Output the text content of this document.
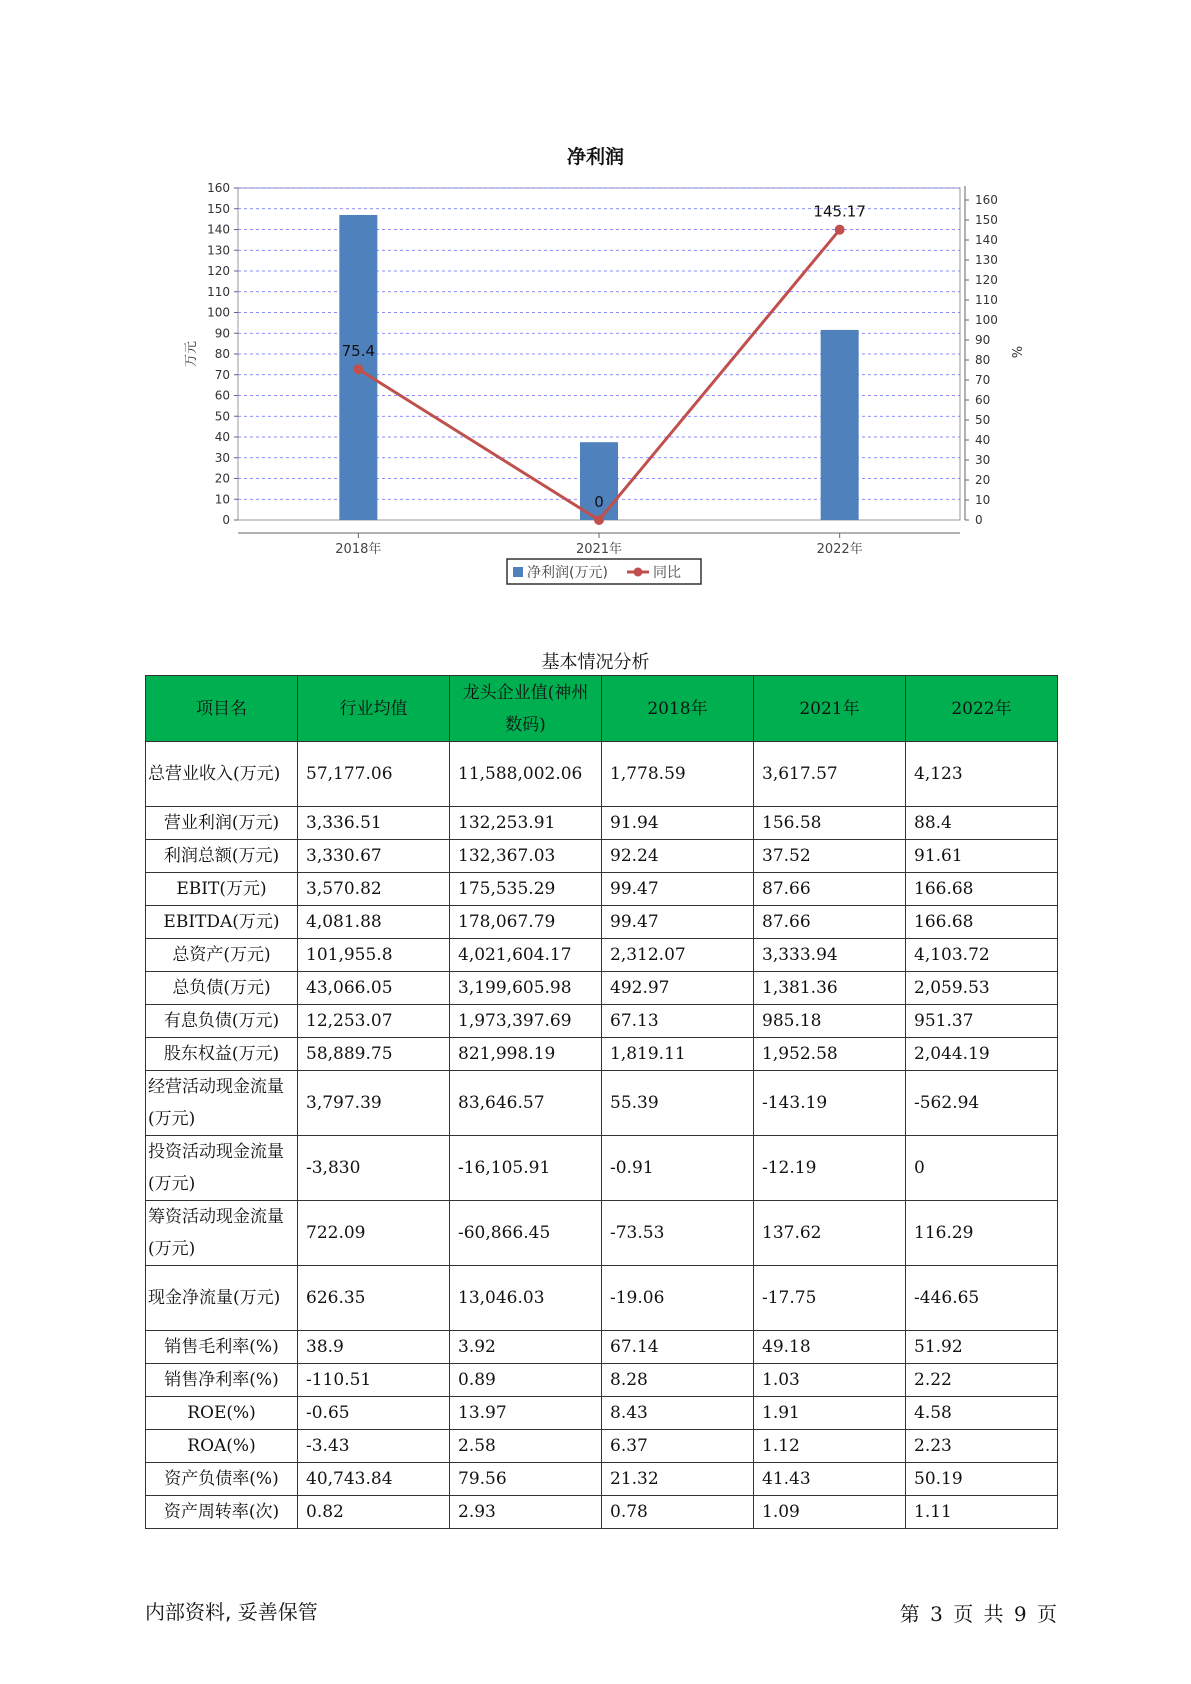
净利润
0
10
20
30
40
50
60
70
80
90
100
110
120
130
140
150
160
0
10
20
30
40
50
60
70
80
90
100
110
120
130
140
150
160
2018年	2021年	2022年
万元	%
75.4
0
145.17
净利润(万元)	同比
基本情况分析
项目名	行业均值	龙头企业值(神州数码)	2018年	2021年	2022年
总营业收入(万元)	57,177.06	11,588,002.06	1,778.59	3,617.57	4,123
营业利润(万元)	3,336.51	132,253.91	91.94	156.58	88.4
利润总额(万元)	3,330.67	132,367.03	92.24	37.52	91.61
EBIT(万元)	3,570.82	175,535.29	99.47	87.66	166.68
EBITDA(万元)	4,081.88	178,067.79	99.47	87.66	166.68
总资产(万元)	101,955.8	4,021,604.17	2,312.07	3,333.94	4,103.72
总负债(万元)	43,066.05	3,199,605.98	492.97	1,381.36	2,059.53
有息负债(万元)	12,253.07	1,973,397.69	67.13	985.18	951.37
股东权益(万元)	58,889.75	821,998.19	1,819.11	1,952.58	2,044.19
经营活动现金流量(万元)	3,797.39	83,646.57	55.39	-143.19	-562.94
投资活动现金流量(万元)	-3,830	-16,105.91	-0.91	-12.19	0
筹资活动现金流量(万元)	722.09	-60,866.45	-73.53	137.62	116.29
现金净流量(万元)	626.35	13,046.03	-19.06	-17.75	-446.65
销售毛利率(%)	38.9	3.92	67.14	49.18	51.92
销售净利率(%)	-110.51	0.89	8.28	1.03	2.22
ROE(%)	-0.65	13.97	8.43	1.91	4.58
ROA(%)	-3.43	2.58	6.37	1.12	2.23
资产负债率(%)	40,743.84	79.56	21.32	41.43	50.19
资产周转率(次)	0.82	2.93	0.78	1.09	1.11
内部资料, 妥善保管	第 3 页 共 9 页
